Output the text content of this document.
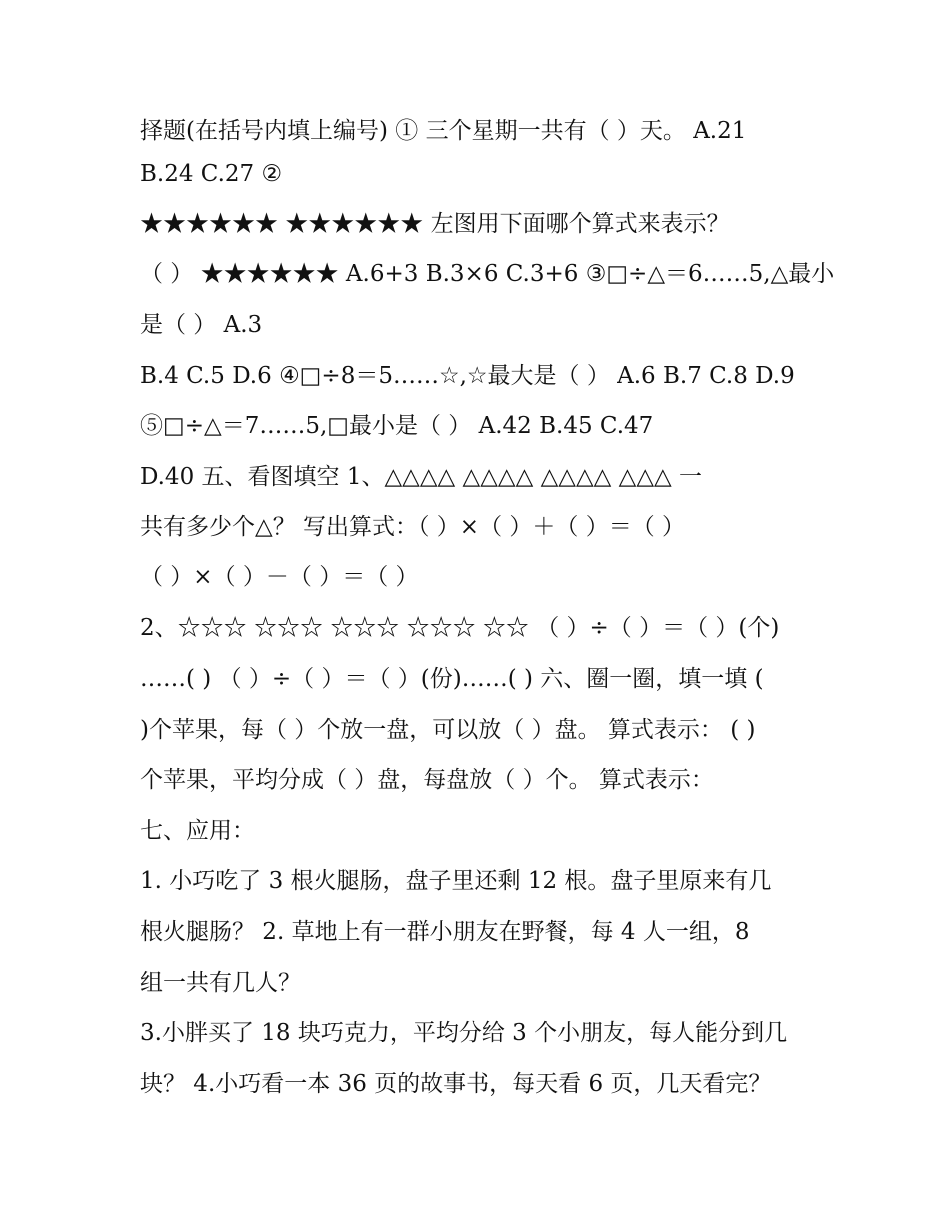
择题(在括号内填上编号) ① 三个星期一共有（ ）天。 A.21
B.24 C.27 ②
★★★★★★ ★★★★★★ 左图用下面哪个算式来表示？
（ ） ★★★★★★ A.6+3 B.3×6 C.3+6 ③□÷△＝6……5,△最小
是（ ） A.3
B.4 C.5 D.6 ④□÷8＝5……☆,☆最大是（ ） A.6 B.7 C.8 D.9
⑤□÷△＝7……5,□最小是（ ） A.42 B.45 C.47
D.40 五、看图填空 1、△△△△ △△△△ △△△△ △△△ 一
共有多少个△？ 写出算式：（ ）×（ ）＋（ ）＝（ ）
（ ）×（ ）－（ ）＝（ ）
2、☆☆☆ ☆☆☆ ☆☆☆ ☆☆☆ ☆☆ （ ）÷（ ）＝（ ）(个)
……( ) （ ）÷（ ）＝（ ）(份)……( ) 六、圈一圈，填一填 (
)个苹果，每（ ）个放一盘，可以放（ ）盘。 算式表示： ( )
个苹果，平均分成（ ）盘，每盘放（ ）个。 算式表示：
七、应用：
1. 小巧吃了 3 根火腿肠，盘子里还剩 12 根。盘子里原来有几
根火腿肠？ 2. 草地上有一群小朋友在野餐，每 4 人一组，8
组一共有几人？
3.小胖买了 18 块巧克力，平均分给 3 个小朋友，每人能分到几
块？ 4.小巧看一本 36 页的故事书，每天看 6 页，几天看完？
